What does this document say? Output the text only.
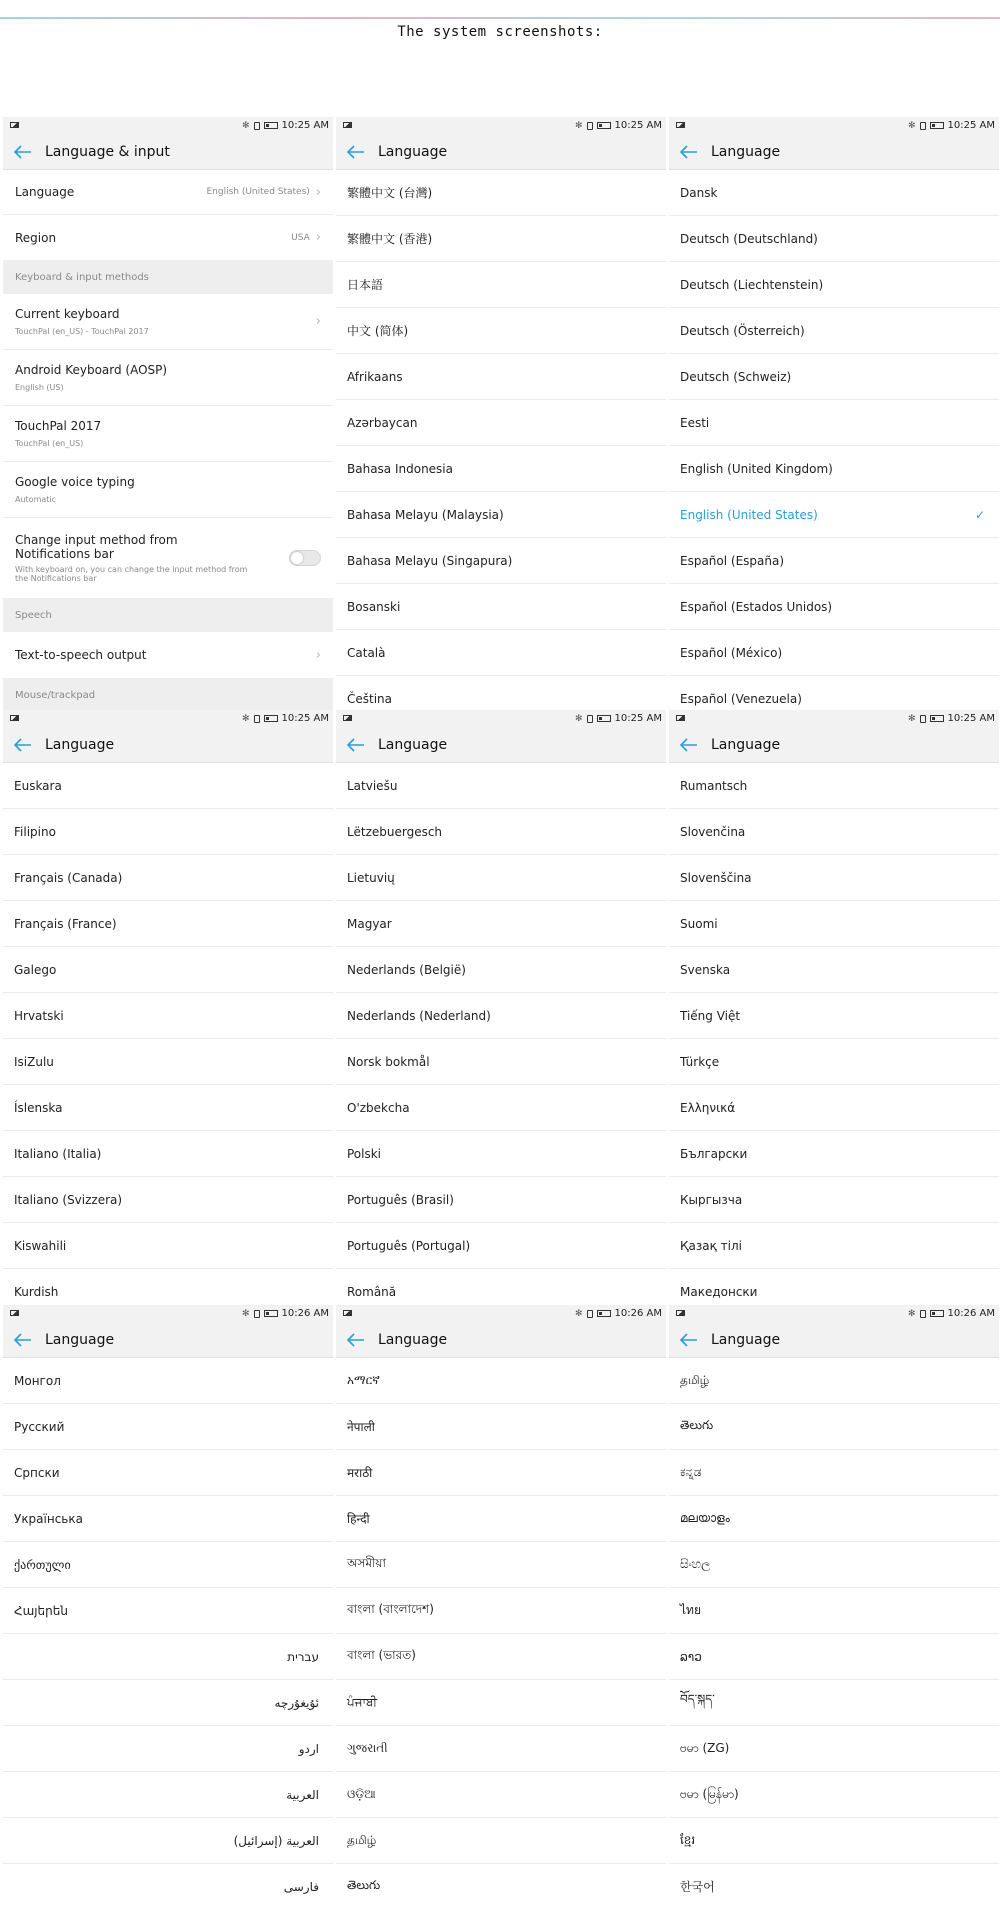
The system screenshots:
✻	10:25 AM
Language & input
Language	English (United States) ›
Region	USA ›
Keyboard & input methods
Current keyboard
TouchPal (en_US) - TouchPal 2017
›
Android Keyboard (AOSP)
English (US)
TouchPal 2017
TouchPal (en_US)
Google voice typing
Automatic
Change input method from Notifications bar
With keyboard on, you can change the input method from the Notifications bar
Speech
Text-to-speech output	›
Mouse/trackpad
✻	10:25 AM
Language
繁體中文 (台灣)
繁體中文 (香港)
日本語
中文 (简体)
Afrikaans
Azərbaycan
Bahasa Indonesia
Bahasa Melayu (Malaysia)
Bahasa Melayu (Singapura)
Bosanski
Català
Čeština
✻	10:25 AM
Language
Dansk
Deutsch (Deutschland)
Deutsch (Liechtenstein)
Deutsch (Österreich)
Deutsch (Schweiz)
Eesti
English (United Kingdom)
English (United States)	✓
Español (España)
Español (Estados Unidos)
Español (México)
Español (Venezuela)
✻	10:25 AM
Language
Euskara
Filipino
Français (Canada)
Français (France)
Galego
Hrvatski
IsiZulu
Íslenska
Italiano (Italia)
Italiano (Svizzera)
Kiswahili
Kurdish
✻	10:25 AM
Language
Latviešu
Lëtzebuergesch
Lietuvių
Magyar
Nederlands (België)
Nederlands (Nederland)
Norsk bokmål
O'zbekcha
Polski
Português (Brasil)
Português (Portugal)
Română
✻	10:25 AM
Language
Rumantsch
Slovenčina
Slovenščina
Suomi
Svenska
Tiếng Việt
Türkçe
Ελληνικά
Български
Кыргызча
Қазақ тілі
Македонски
✻	10:26 AM
Language
Монгол
Русский
Српски
Українська
ქართული
Հայերեն
עברית
ئۇيغۇرچە
اردو
العربية
العربية (إسرائيل)
فارسی
✻	10:26 AM
Language
አማርኛ
नेपाली
मराठी
हिन्दी
অসমীয়া
বাংলা (বাংলাদেশ)
বাংলা (ভারত)
ਪੰਜਾਬੀ
ગુજરાતી
ଓଡ଼ିଆ
தமிழ்
తెలుగు
✻	10:26 AM
Language
தமிழ்
తెలుగు
ಕನ್ನಡ
മലയാളം
සිංහල
ไทย
ລາວ
བོད་སྐད་
ဗမာ (ZG)
ဗမာ (မြန်မာ)
ខ្មែរ
한국어
